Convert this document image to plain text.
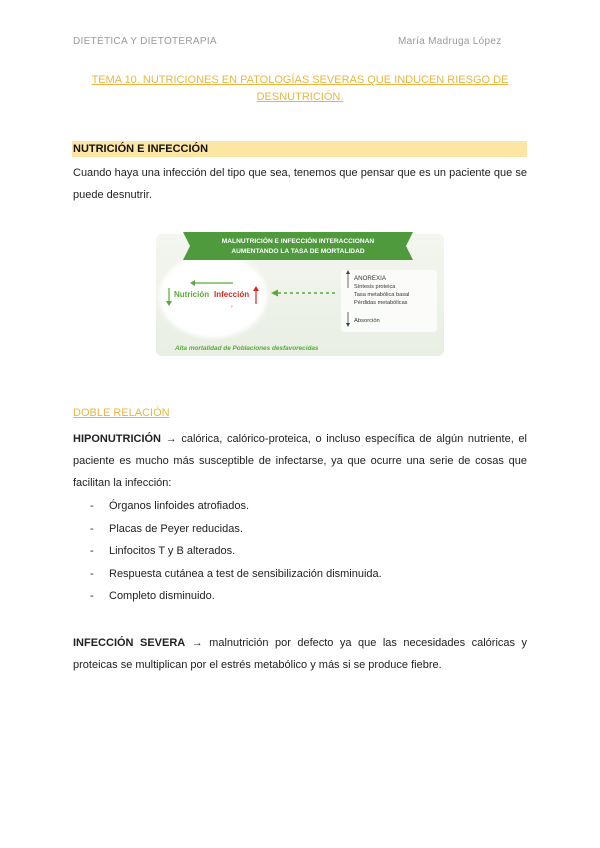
DIETÉTICA Y DIETOTERAPIA	María Madruga López
TEMA 10. NUTRICIONES EN PATOLOGÍAS SEVERAS QUE INDUCEN RIESGO DE DESNUTRICIÓN.
NUTRICIÓN E INFECCIÓN
Cuando haya una infección del tipo que sea, tenemos que pensar que es un paciente que se puede desnutrir.
MALNUTRICIÓN E INFECCIÓN INTERACCIONAN
AUMENTANDO LA TASA DE MORTALIDAD
Nutrición Infección
›
ANOREXIA
Síntesis proteica
Tasa metabólica basal
Pérdidas metabólicas
Absorción
Alta mortalidad de Poblaciones desfavorecidas
DOBLE RELACIÓN
HIPONUTRICIÓN → calórica, calórico-proteica, o incluso específica de algún nutriente, el paciente es mucho más susceptible de infectarse, ya que ocurre una serie de cosas que facilitan la infección:
- Órganos linfoides atrofiados.
- Placas de Peyer reducidas.
- Linfocitos T y B alterados.
- Respuesta cutánea a test de sensibilización disminuida.
- Completo disminuido.
INFECCIÓN SEVERA → malnutrición por defecto ya que las necesidades calóricas y proteicas se multiplican por el estrés metabólico y más si se produce fiebre.
